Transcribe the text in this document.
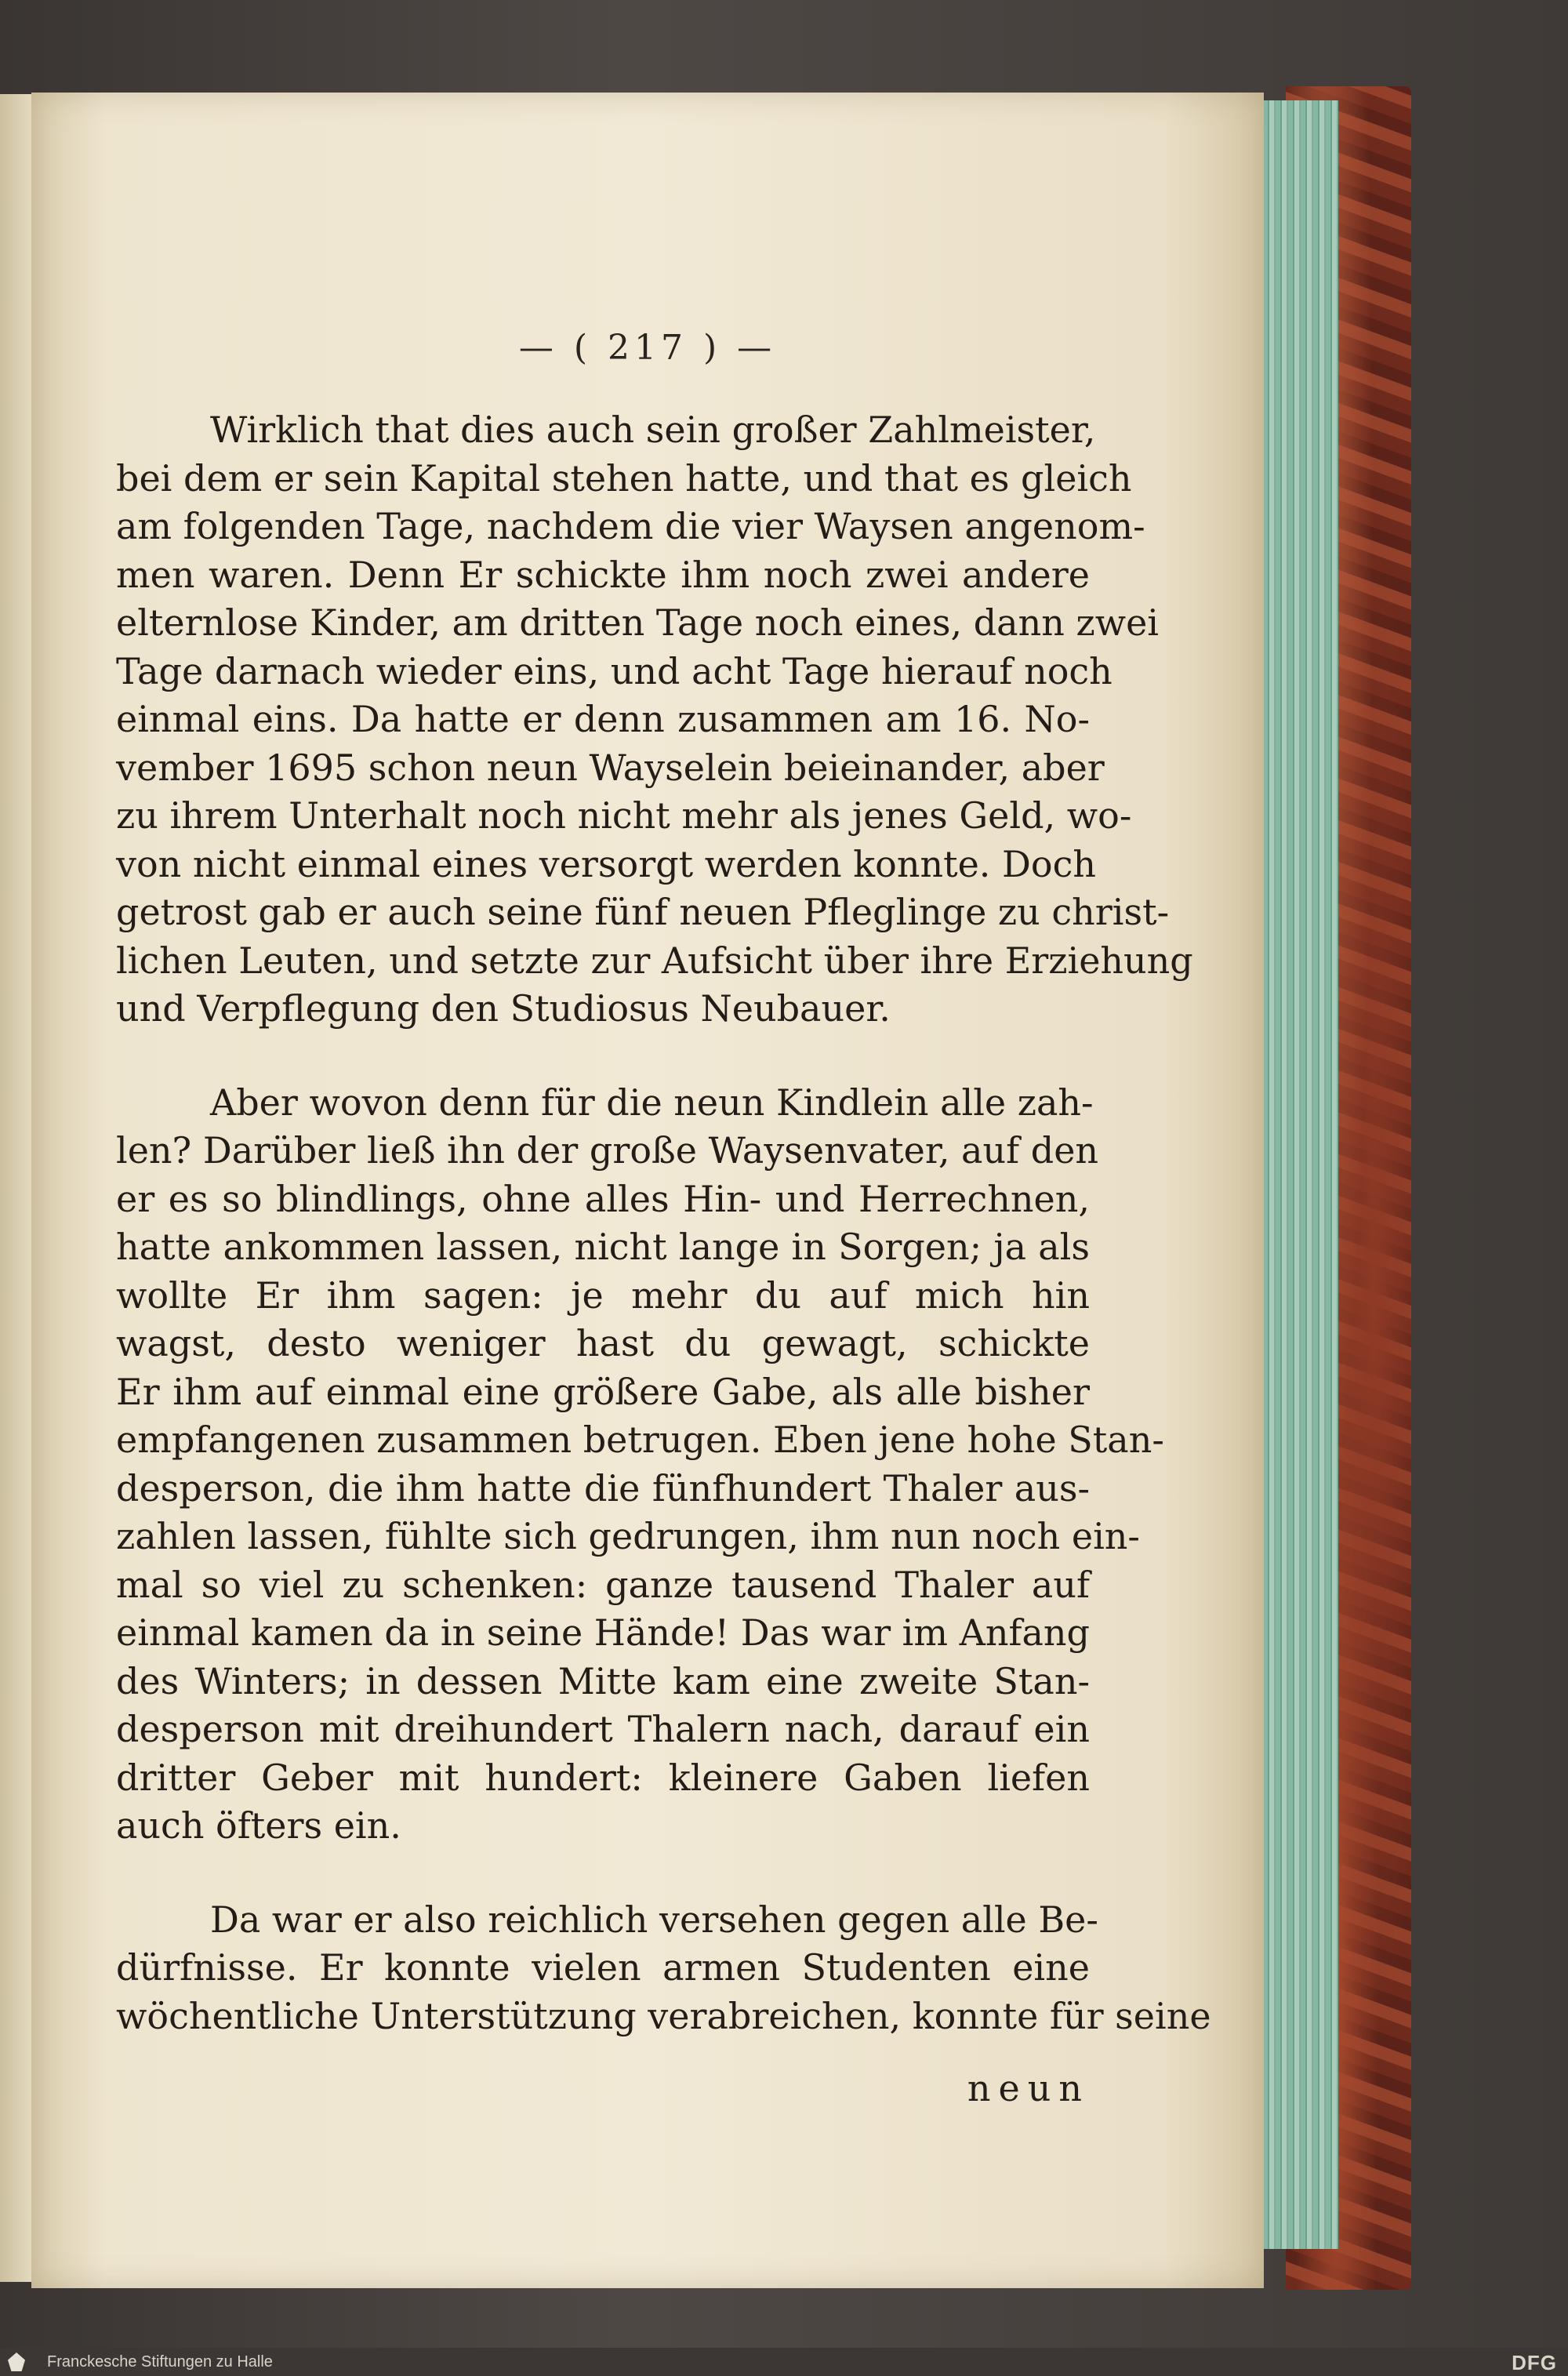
— ( 217 ) —
Wirklich that dies auch sein großer Zahlmeister,
bei dem er sein Kapital stehen hatte, und that es gleich
am folgenden Tage, nachdem die vier Waysen angenom-
men waren. Denn Er schickte ihm noch zwei andere
elternlose Kinder, am dritten Tage noch eines, dann zwei
Tage darnach wieder eins, und acht Tage hierauf noch
einmal eins. Da hatte er denn zusammen am 16. No-
vember 1695 schon neun Wayselein beieinander, aber
zu ihrem Unterhalt noch nicht mehr als jenes Geld, wo-
von nicht einmal eines versorgt werden konnte. Doch
getrost gab er auch seine fünf neuen Pfleglinge zu christ-
lichen Leuten, und setzte zur Aufsicht über ihre Erziehung
und Verpflegung den Studiosus Neubauer.
Aber wovon denn für die neun Kindlein alle zah-
len? Darüber ließ ihn der große Waysenvater, auf den
er es so blindlings, ohne alles Hin- und Herrechnen,
hatte ankommen lassen, nicht lange in Sorgen; ja als
wollte Er ihm sagen: je mehr du auf mich hin
wagst, desto weniger hast du gewagt, schickte
Er ihm auf einmal eine größere Gabe, als alle bisher
empfangenen zusammen betrugen. Eben jene hohe Stan-
desperson, die ihm hatte die fünfhundert Thaler aus-
zahlen lassen, fühlte sich gedrungen, ihm nun noch ein-
mal so viel zu schenken: ganze tausend Thaler auf
einmal kamen da in seine Hände! Das war im Anfang
des Winters; in dessen Mitte kam eine zweite Stan-
desperson mit dreihundert Thalern nach, darauf ein
dritter Geber mit hundert: kleinere Gaben liefen
auch öfters ein.
Da war er also reichlich versehen gegen alle Be-
dürfnisse. Er konnte vielen armen Studenten eine
wöchentliche Unterstützung verabreichen, konnte für seine
neun
Franckesche Stiftungen zu Halle	DFG
